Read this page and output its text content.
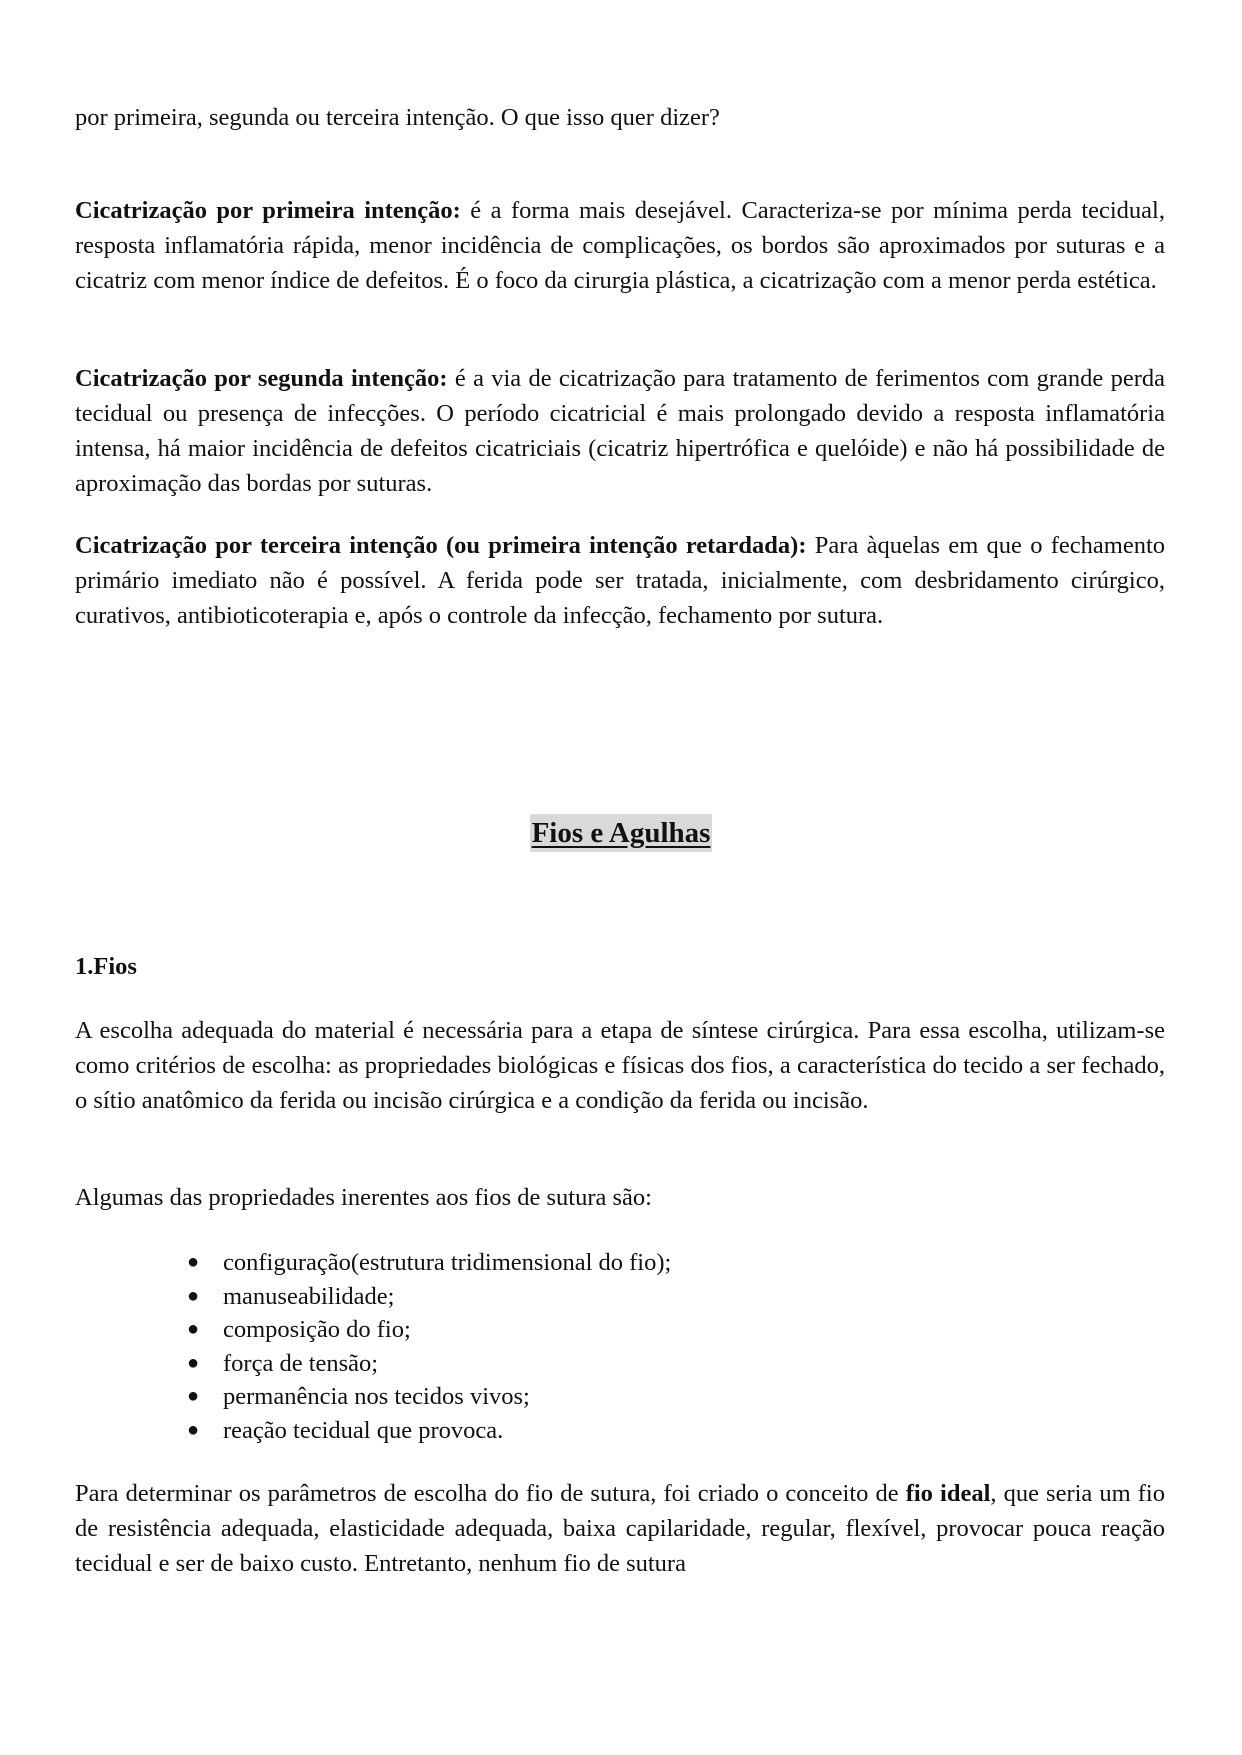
por primeira, segunda ou terceira intenção. O que isso quer dizer?

Cicatrização por primeira intenção: é a forma mais desejável. Caracteriza-se por mínima perda tecidual, resposta inflamatória rápida, menor incidência de complicações, os bordos são aproximados por suturas e a cicatriz com menor índice de defeitos. É o foco da cirurgia plástica, a cicatrização com a menor perda estética.

Cicatrização por segunda intenção: é a via de cicatrização para tratamento de ferimentos com grande perda tecidual ou presença de infecções. O período cicatricial é mais prolongado devido a resposta inflamatória intensa, há maior incidência de defeitos cicatriciais (cicatriz hipertrófica e quelóide) e não há possibilidade de aproximação das bordas por suturas.

Cicatrização por terceira intenção (ou primeira intenção retardada): Para àquelas em que o fechamento primário imediato não é possível. A ferida pode ser tratada, inicialmente, com desbridamento cirúrgico, curativos, antibioticoterapia e, após o controle da infecção, fechamento por sutura.

Fios e Agulhas

1.Fios

A escolha adequada do material é necessária para a etapa de síntese cirúrgica. Para essa escolha, utilizam-se como critérios de escolha: as propriedades biológicas e físicas dos fios, a característica do tecido a ser fechado, o sítio anatômico da ferida ou incisão cirúrgica e a condição da ferida ou incisão.

Algumas das propriedades inerentes aos fios de sutura são:

● configuração(estrutura tridimensional do fio);
● manuseabilidade;
● composição do fio;
● força de tensão;
● permanência nos tecidos vivos;
● reação tecidual que provoca.

Para determinar os parâmetros de escolha do fio de sutura, foi criado o conceito de fio ideal, que seria um fio de resistência adequada, elasticidade adequada, baixa capilaridade, regular, flexível, provocar pouca reação tecidual e ser de baixo custo. Entretanto, nenhum fio de sutura
